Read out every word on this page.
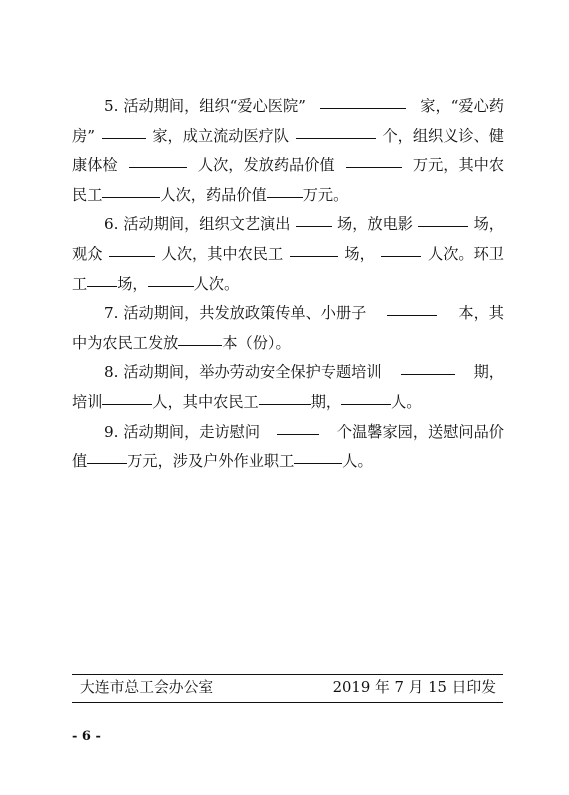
5. 活动期间，组织“爱心医院”	家，“爱心药
房”	家，成立流动医疗队	个，组织义诊、健
康体检	人次，发放药品价值	万元，其中农
民工	人次，药品价值 万元。
6. 活动期间，组织文艺演出	场，放电影	场，
观众	人次，其中农民工	场，	人次。环卫
工 场，	人次。
7. 活动期间，共发放政策传单、小册子	本，其
中为农民工发放	本（份）。
8. 活动期间，举办劳动安全保护专题培训	期，
培训	人，其中农民工	期，	人。
9. 活动期间，走访慰问	个温馨家园，送慰问品价
值	万元，涉及户外作业职工	人。
大连市总工会办公室	2019 年 7 月 15 日印发
- 6 -
